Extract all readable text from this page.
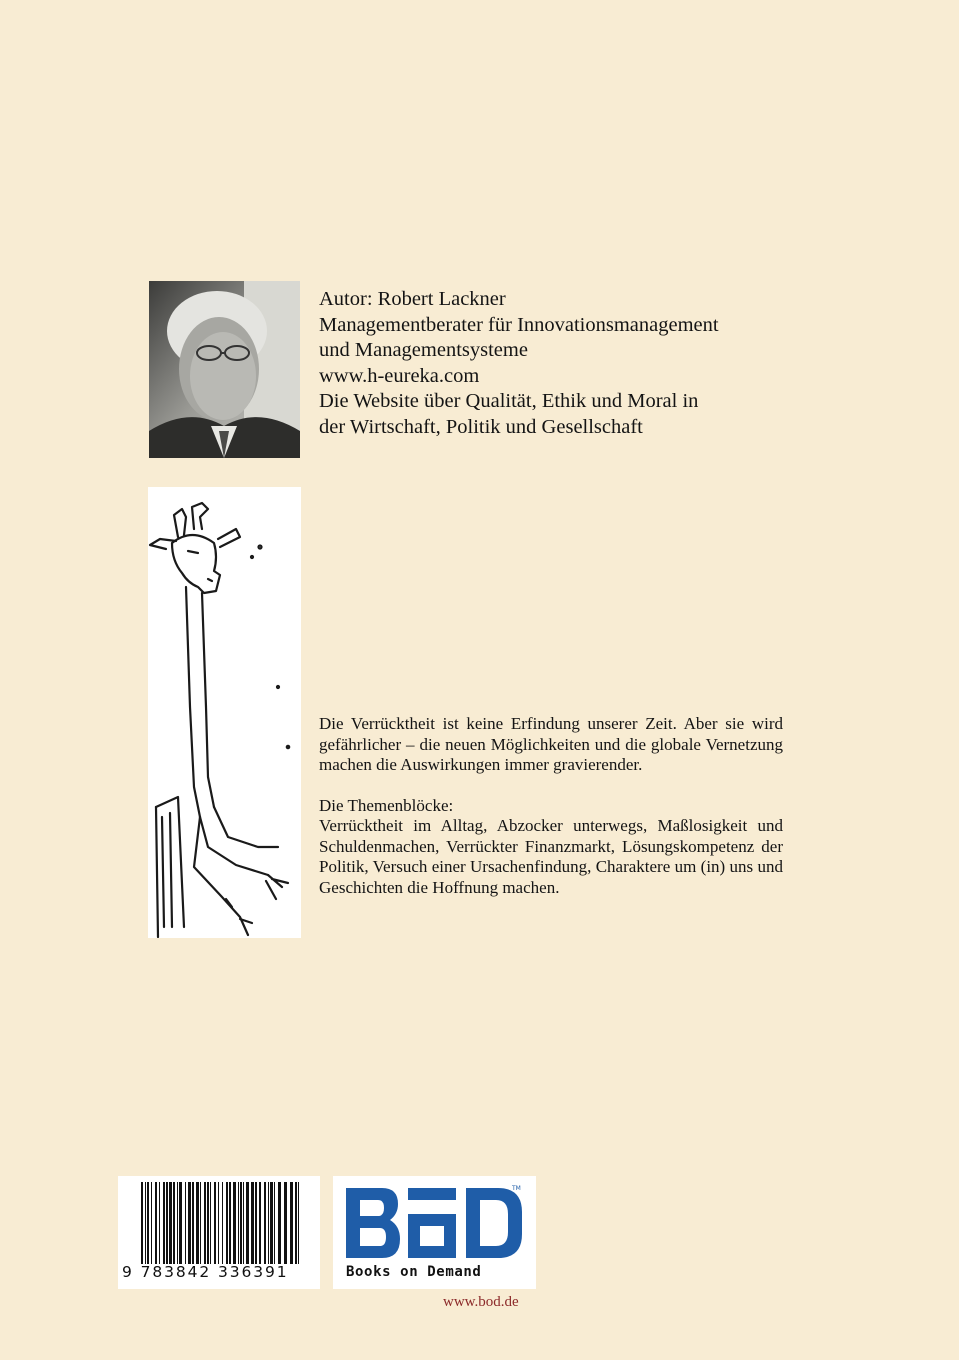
Autor: Robert Lackner
Managementberater für Innovationsmanagement
und Managementsysteme
www.h-eureka.com
Die Website über Qualität, Ethik und Moral in
der Wirtschaft, Politik und Gesellschaft

Die Verrücktheit ist keine Erfindung unserer Zeit. Aber sie wird gefährlicher – die neuen Möglichkeiten und die globale Vernetzung machen die Auswirkungen immer gravierender.

Die Themenblöcke:
Verrücktheit im Alltag, Abzocker unterwegs, Maßlosigkeit und Schuldenmachen, Verrückter Finanzmarkt, Lösungskompetenz der Politik, Versuch einer Ursachenfindung, Charaktere um (in) uns und Geschichten die Hoffnung machen.
9 783842 336391
TM
Books on Demand
www.bod.de
